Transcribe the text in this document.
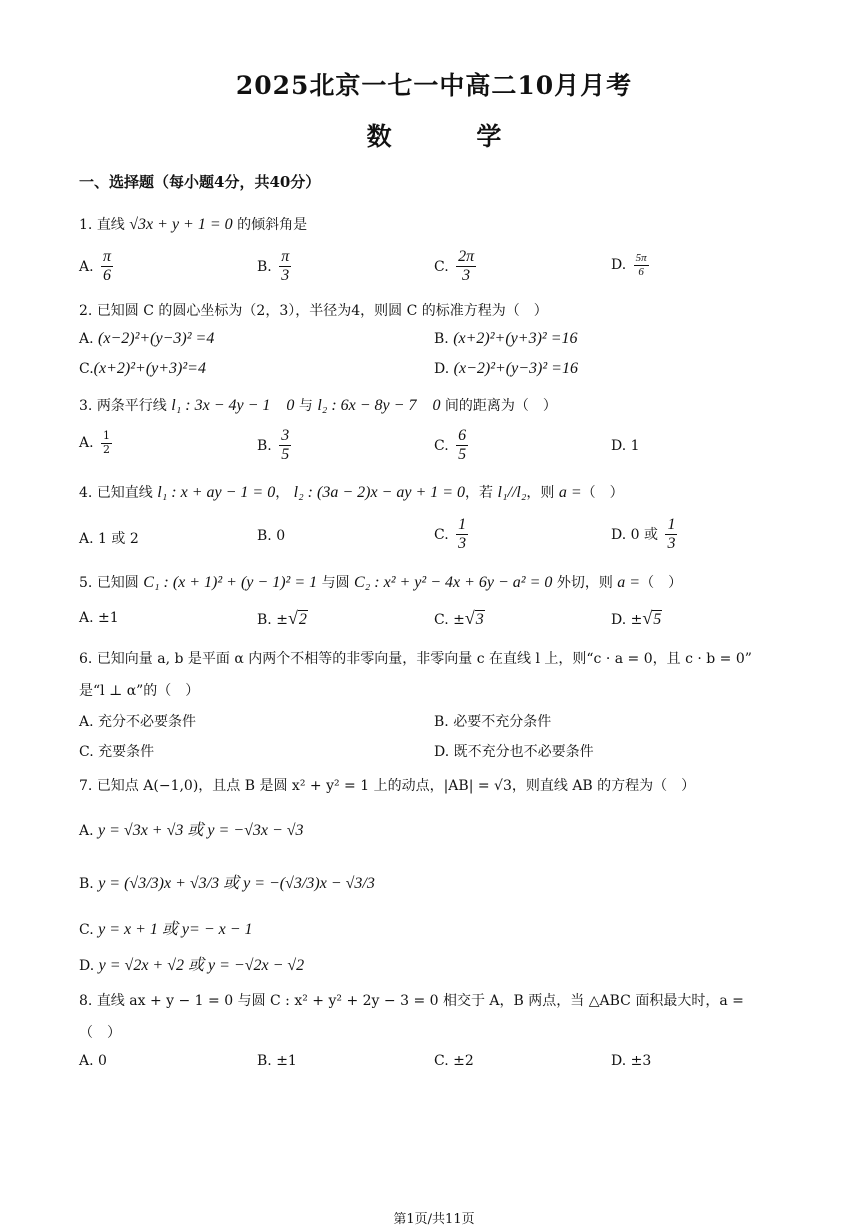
2025北京一七一中高二10月月考
数 学
一、选择题（每小题4分，共40分）
1. 直线 √3x + y + 1 = 0 的倾斜角是
A. $\frac{\pi}{6}$	B. $\frac{\pi}{3}$	C. $\frac{2\pi}{3}$	D. $\frac{5\pi}{6}$
2. 已知圆 C 的圆心坐标为（2，3），半径为4，则圆 C 的标准方程为（　）
A. (x−2)²+(y−3)² =4	B. (x+2)²+(y+3)² =16
C.(x+2)²+(y+3)²=4	D. (x−2)²+(y−3)² =16
3. 两条平行线 l₁ : 3x − 4y − 1　0 与 l₂ : 6x − 8y − 7　0 间的距离为（　）
A. $\frac{1}{2}$	B. $\frac{3}{5}$	C. $\frac{6}{5}$	D. 1
4. 已知直线 l₁ : x + ay − 1 = 0， l₂ : (3a − 2)x − ay + 1 = 0，若 l₁//l₂，则 a =（　）
A. 1 或 2	B. 0	C. $\frac{1}{3}$	D. 0 或 $\frac{1}{3}$
5. 已知圆 C₁ : (x + 1)² + (y − 1)² = 1 与圆 C₂ : x² + y² − 4x + 6y − a² = 0 外切，则 a =（　）
A. ±1	B. ±√2	C. ±√3	D. ±√5
6. 已知向量 a, b 是平面 α 内两个不相等的非零向量，非零向量 c 在直线 l 上，则“c · a = 0，且 c · b = 0”
是“l ⊥ α”的（　）
A. 充分不必要条件	B. 必要不充分条件
C. 充要条件	D. 既不充分也不必要条件
7. 已知点 A(−1,0)，且点 B 是圆 x² + y² = 1 上的动点，|AB| = √3，则直线 AB 的方程为（　）
A. y = √3x + √3 或 y = −√3x − √3
B. y = (√3/3)x + √3/3 或 y = −(√3/3)x − √3/3
C. y = x + 1 或 y= − x − 1
D. y = √2x + √2 或 y = −√2x − √2
8. 直线 ax + y − 1 = 0 与圆 C : x² + y² + 2y − 3 = 0 相交于 A，B 两点，当 △ABC 面积最大时，a =
（　）
A. 0	B. ±1	C. ±2	D. ±3
第1页/共11页
